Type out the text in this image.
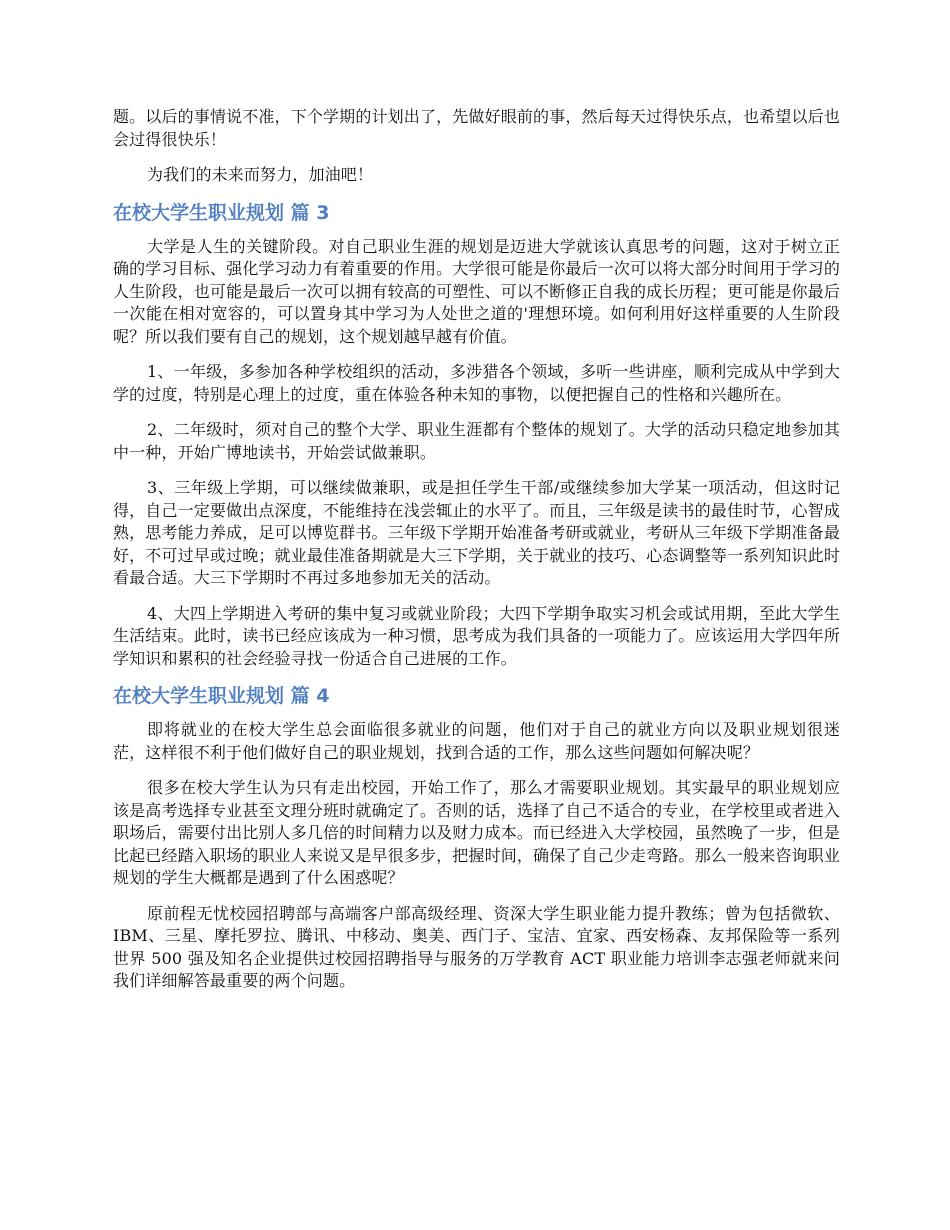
题。以后的事情说不准，下个学期的计划出了，先做好眼前的事，然后每天过得快乐点，也希望以后也会过得很快乐！

为我们的未来而努力，加油吧！

在校大学生职业规划 篇 3

大学是人生的关键阶段。对自己职业生涯的规划是迈进大学就该认真思考的问题，这对于树立正确的学习目标、强化学习动力有着重要的作用。大学很可能是你最后一次可以将大部分时间用于学习的人生阶段，也可能是最后一次可以拥有较高的可塑性、可以不断修正自我的成长历程；更可能是你最后一次能在相对宽容的，可以置身其中学习为人处世之道的'理想环境。如何利用好这样重要的人生阶段呢？所以我们要有自己的规划，这个规划越早越有价值。

1、一年级，多参加各种学校组织的活动，多涉猎各个领域，多听一些讲座，顺利完成从中学到大学的过度，特别是心理上的过度，重在体验各种未知的事物，以便把握自己的性格和兴趣所在。

2、二年级时，须对自己的整个大学、职业生涯都有个整体的规划了。大学的活动只稳定地参加其中一种，开始广博地读书，开始尝试做兼职。

3、三年级上学期，可以继续做兼职，或是担任学生干部/或继续参加大学某一项活动，但这时记得，自己一定要做出点深度，不能维持在浅尝辄止的水平了。而且，三年级是读书的最佳时节，心智成熟，思考能力养成，足可以博览群书。三年级下学期开始准备考研或就业，考研从三年级下学期准备最好，不可过早或过晚；就业最佳准备期就是大三下学期，关于就业的技巧、心态调整等一系列知识此时看最合适。大三下学期时不再过多地参加无关的活动。

4、大四上学期进入考研的集中复习或就业阶段；大四下学期争取实习机会或试用期，至此大学生生活结束。此时，读书已经应该成为一种习惯，思考成为我们具备的一项能力了。应该运用大学四年所学知识和累积的社会经验寻找一份适合自己进展的工作。

在校大学生职业规划 篇 4

即将就业的在校大学生总会面临很多就业的问题，他们对于自己的就业方向以及职业规划很迷茫，这样很不利于他们做好自己的职业规划，找到合适的工作，那么这些问题如何解决呢？

很多在校大学生认为只有走出校园，开始工作了，那么才需要职业规划。其实最早的职业规划应该是高考选择专业甚至文理分班时就确定了。否则的话，选择了自己不适合的专业，在学校里或者进入职场后，需要付出比别人多几倍的时间精力以及财力成本。而已经进入大学校园，虽然晚了一步，但是比起已经踏入职场的职业人来说又是早很多步，把握时间，确保了自己少走弯路。那么一般来咨询职业规划的学生大概都是遇到了什么困惑呢？

原前程无忧校园招聘部与高端客户部高级经理、资深大学生职业能力提升教练；曾为包括微软、IBM、三星、摩托罗拉、腾讯、中移动、奥美、西门子、宝洁、宜家、西安杨森、友邦保险等一系列世界 500 强及知名企业提供过校园招聘指导与服务的万学教育 ACT 职业能力培训李志强老师就来问我们详细解答最重要的两个问题。
